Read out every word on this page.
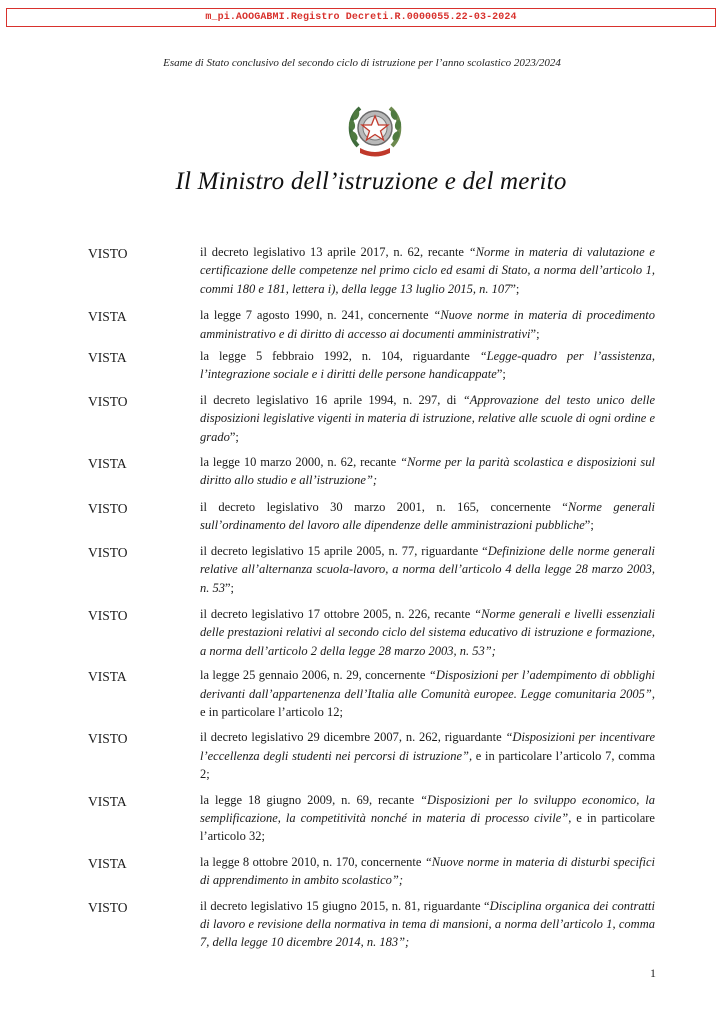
m_pi.AOOGABMI.Registro Decreti.R.0000055.22-03-2024
Esame di Stato conclusivo del secondo ciclo di istruzione per l’anno scolastico 2023/2024
Il Ministro dell’istruzione e del merito
VISTO	il decreto legislativo 13 aprile 2017, n. 62, recante “Norme in materia di valutazione e certificazione delle competenze nel primo ciclo ed esami di Stato, a norma dell’articolo 1, commi 180 e 181, lettera i), della legge 13 luglio 2015, n. 107”;
VISTA	la legge 7 agosto 1990, n. 241, concernente “Nuove norme in materia di procedimento amministrativo e di diritto di accesso ai documenti amministrativi”;
VISTA	la legge 5 febbraio 1992, n. 104, riguardante “Legge-quadro per l’assistenza, l’integrazione sociale e i diritti delle persone handicappate”;
VISTO	il decreto legislativo 16 aprile 1994, n. 297, di “Approvazione del testo unico delle disposizioni legislative vigenti in materia di istruzione, relative alle scuole di ogni ordine e grado”;
VISTA	la legge 10 marzo 2000, n. 62, recante “Norme per la parità scolastica e disposizioni sul diritto allo studio e all’istruzione”;
VISTO	il decreto legislativo 30 marzo 2001, n. 165, concernente “Norme generali sull’ordinamento del lavoro alle dipendenze delle amministrazioni pubbliche”;
VISTO	il decreto legislativo 15 aprile 2005, n. 77, riguardante “Definizione delle norme generali relative all’alternanza scuola-lavoro, a norma dell’articolo 4 della legge 28 marzo 2003, n. 53”;
VISTO	il decreto legislativo 17 ottobre 2005, n. 226, recante “Norme generali e livelli essenziali delle prestazioni relativi al secondo ciclo del sistema educativo di istruzione e formazione, a norma dell’articolo 2 della legge 28 marzo 2003, n. 53”;
VISTA	la legge 25 gennaio 2006, n. 29, concernente “Disposizioni per l’adempimento di obblighi derivanti dall’appartenenza dell’Italia alle Comunità europee. Legge comunitaria 2005”, e in particolare l’articolo 12;
VISTO	il decreto legislativo 29 dicembre 2007, n. 262, riguardante “Disposizioni per incentivare l’eccellenza degli studenti nei percorsi di istruzione”, e in particolare l’articolo 7, comma 2;
VISTA	la legge 18 giugno 2009, n. 69, recante “Disposizioni per lo sviluppo economico, la semplificazione, la competitività nonché in materia di processo civile”, e in particolare l’articolo 32;
VISTA	la legge 8 ottobre 2010, n. 170, concernente “Nuove norme in materia di disturbi specifici di apprendimento in ambito scolastico”;
VISTO	il decreto legislativo 15 giugno 2015, n. 81, riguardante “Disciplina organica dei contratti di lavoro e revisione della normativa in tema di mansioni, a norma dell’articolo 1, comma 7, della legge 10 dicembre 2014, n. 183”;
1
